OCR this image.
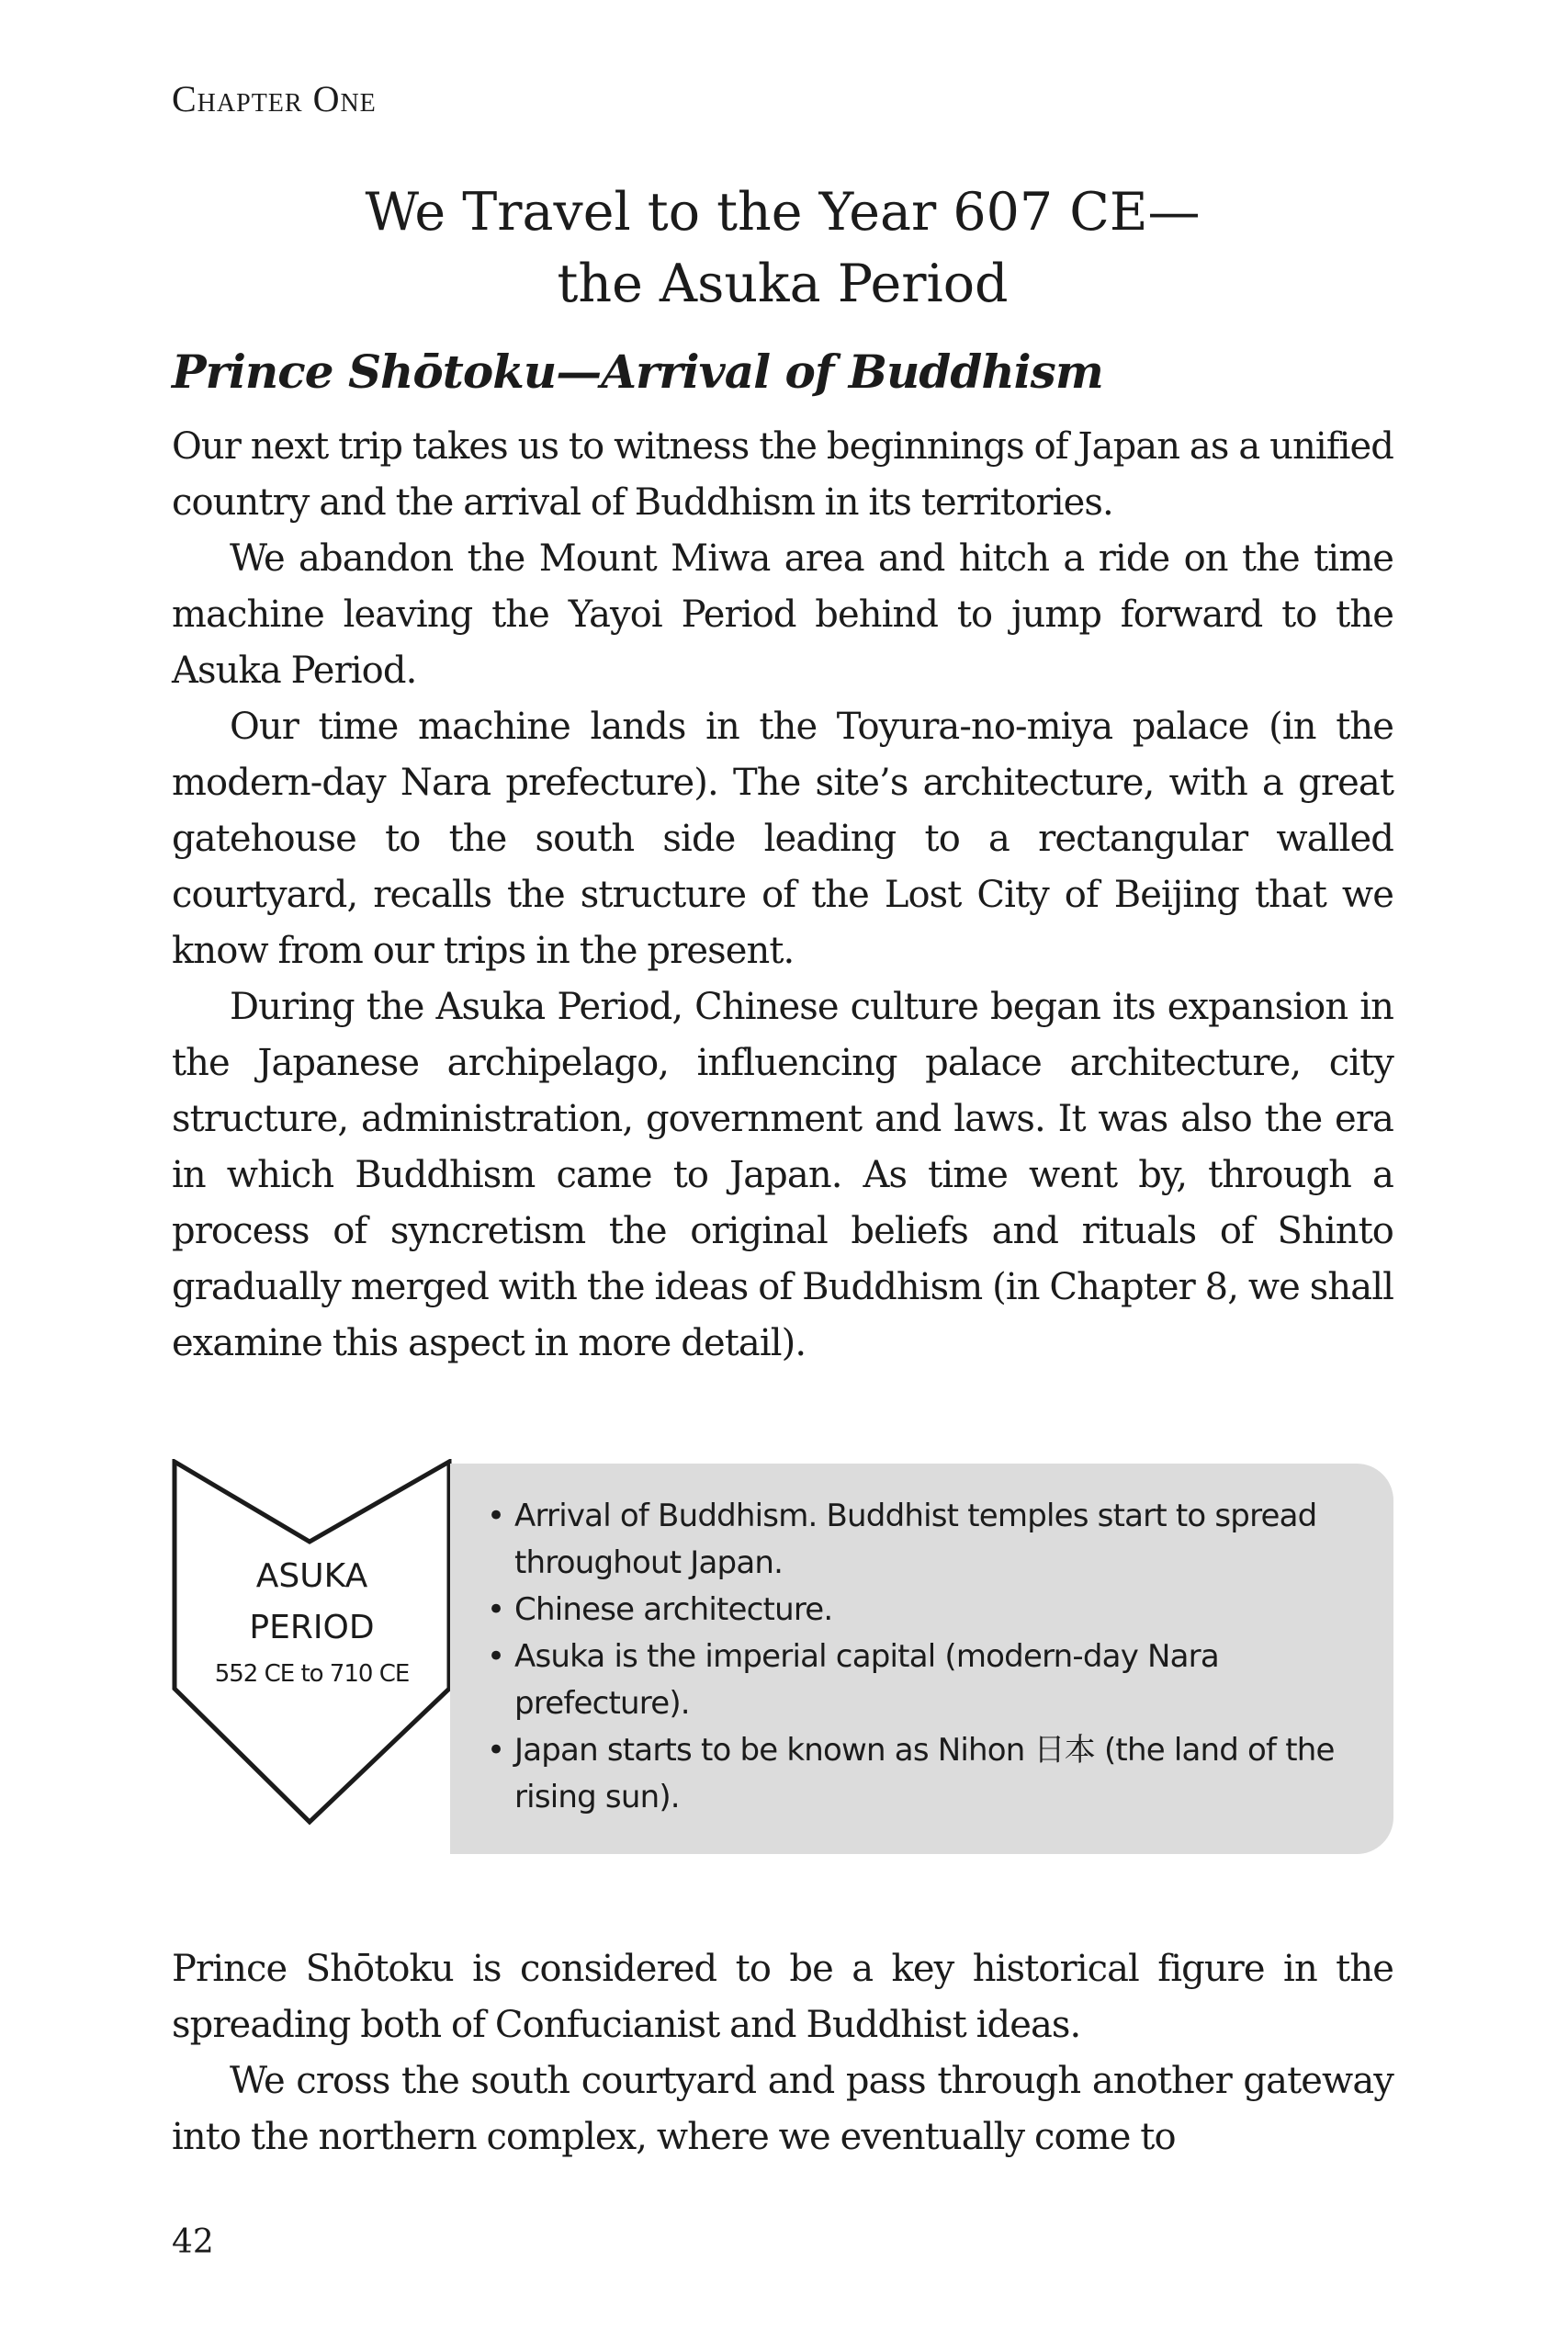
Chapter One
We Travel to the Year 607 CE—
the Asuka Period
Prince Shōtoku—Arrival of Buddhism

Our next trip takes us to witness the beginnings of Japan as a unified country and the arrival of Buddhism in its territories.

We abandon the Mount Miwa area and hitch a ride on the time machine leaving the Yayoi Period behind to jump forward to the Asuka Period.

Our time machine lands in the Toyura-no-miya palace (in the modern-day Nara prefecture). The site’s architecture, with a great gatehouse to the south side leading to a rectangular walled courtyard, recalls the structure of the Lost City of Beijing that we know from our trips in the present.

During the Asuka Period, Chinese culture began its expansion in the Japanese archipelago, influencing palace architecture, city structure, administration, government and laws. It was also the era in which Buddhism came to Japan. As time went by, through a process of syncretism the original beliefs and rituals of Shinto gradually merged with the ideas of Buddhism (in Chapter 8, we shall examine this aspect in more detail).

ASUKA
PERIOD
552 CE to 710 CE
• Arrival of Buddhism. Buddhist temples start to spread throughout Japan.
• Chinese architecture.
• Asuka is the imperial capital (modern-day Nara prefecture).
• Japan starts to be known as Nihon 日本 (the land of the rising sun).

Prince Shōtoku is considered to be a key historical figure in the spreading both of Confucianist and Buddhist ideas.

We cross the south courtyard and pass through another gateway into the northern complex, where we eventually come to

42
